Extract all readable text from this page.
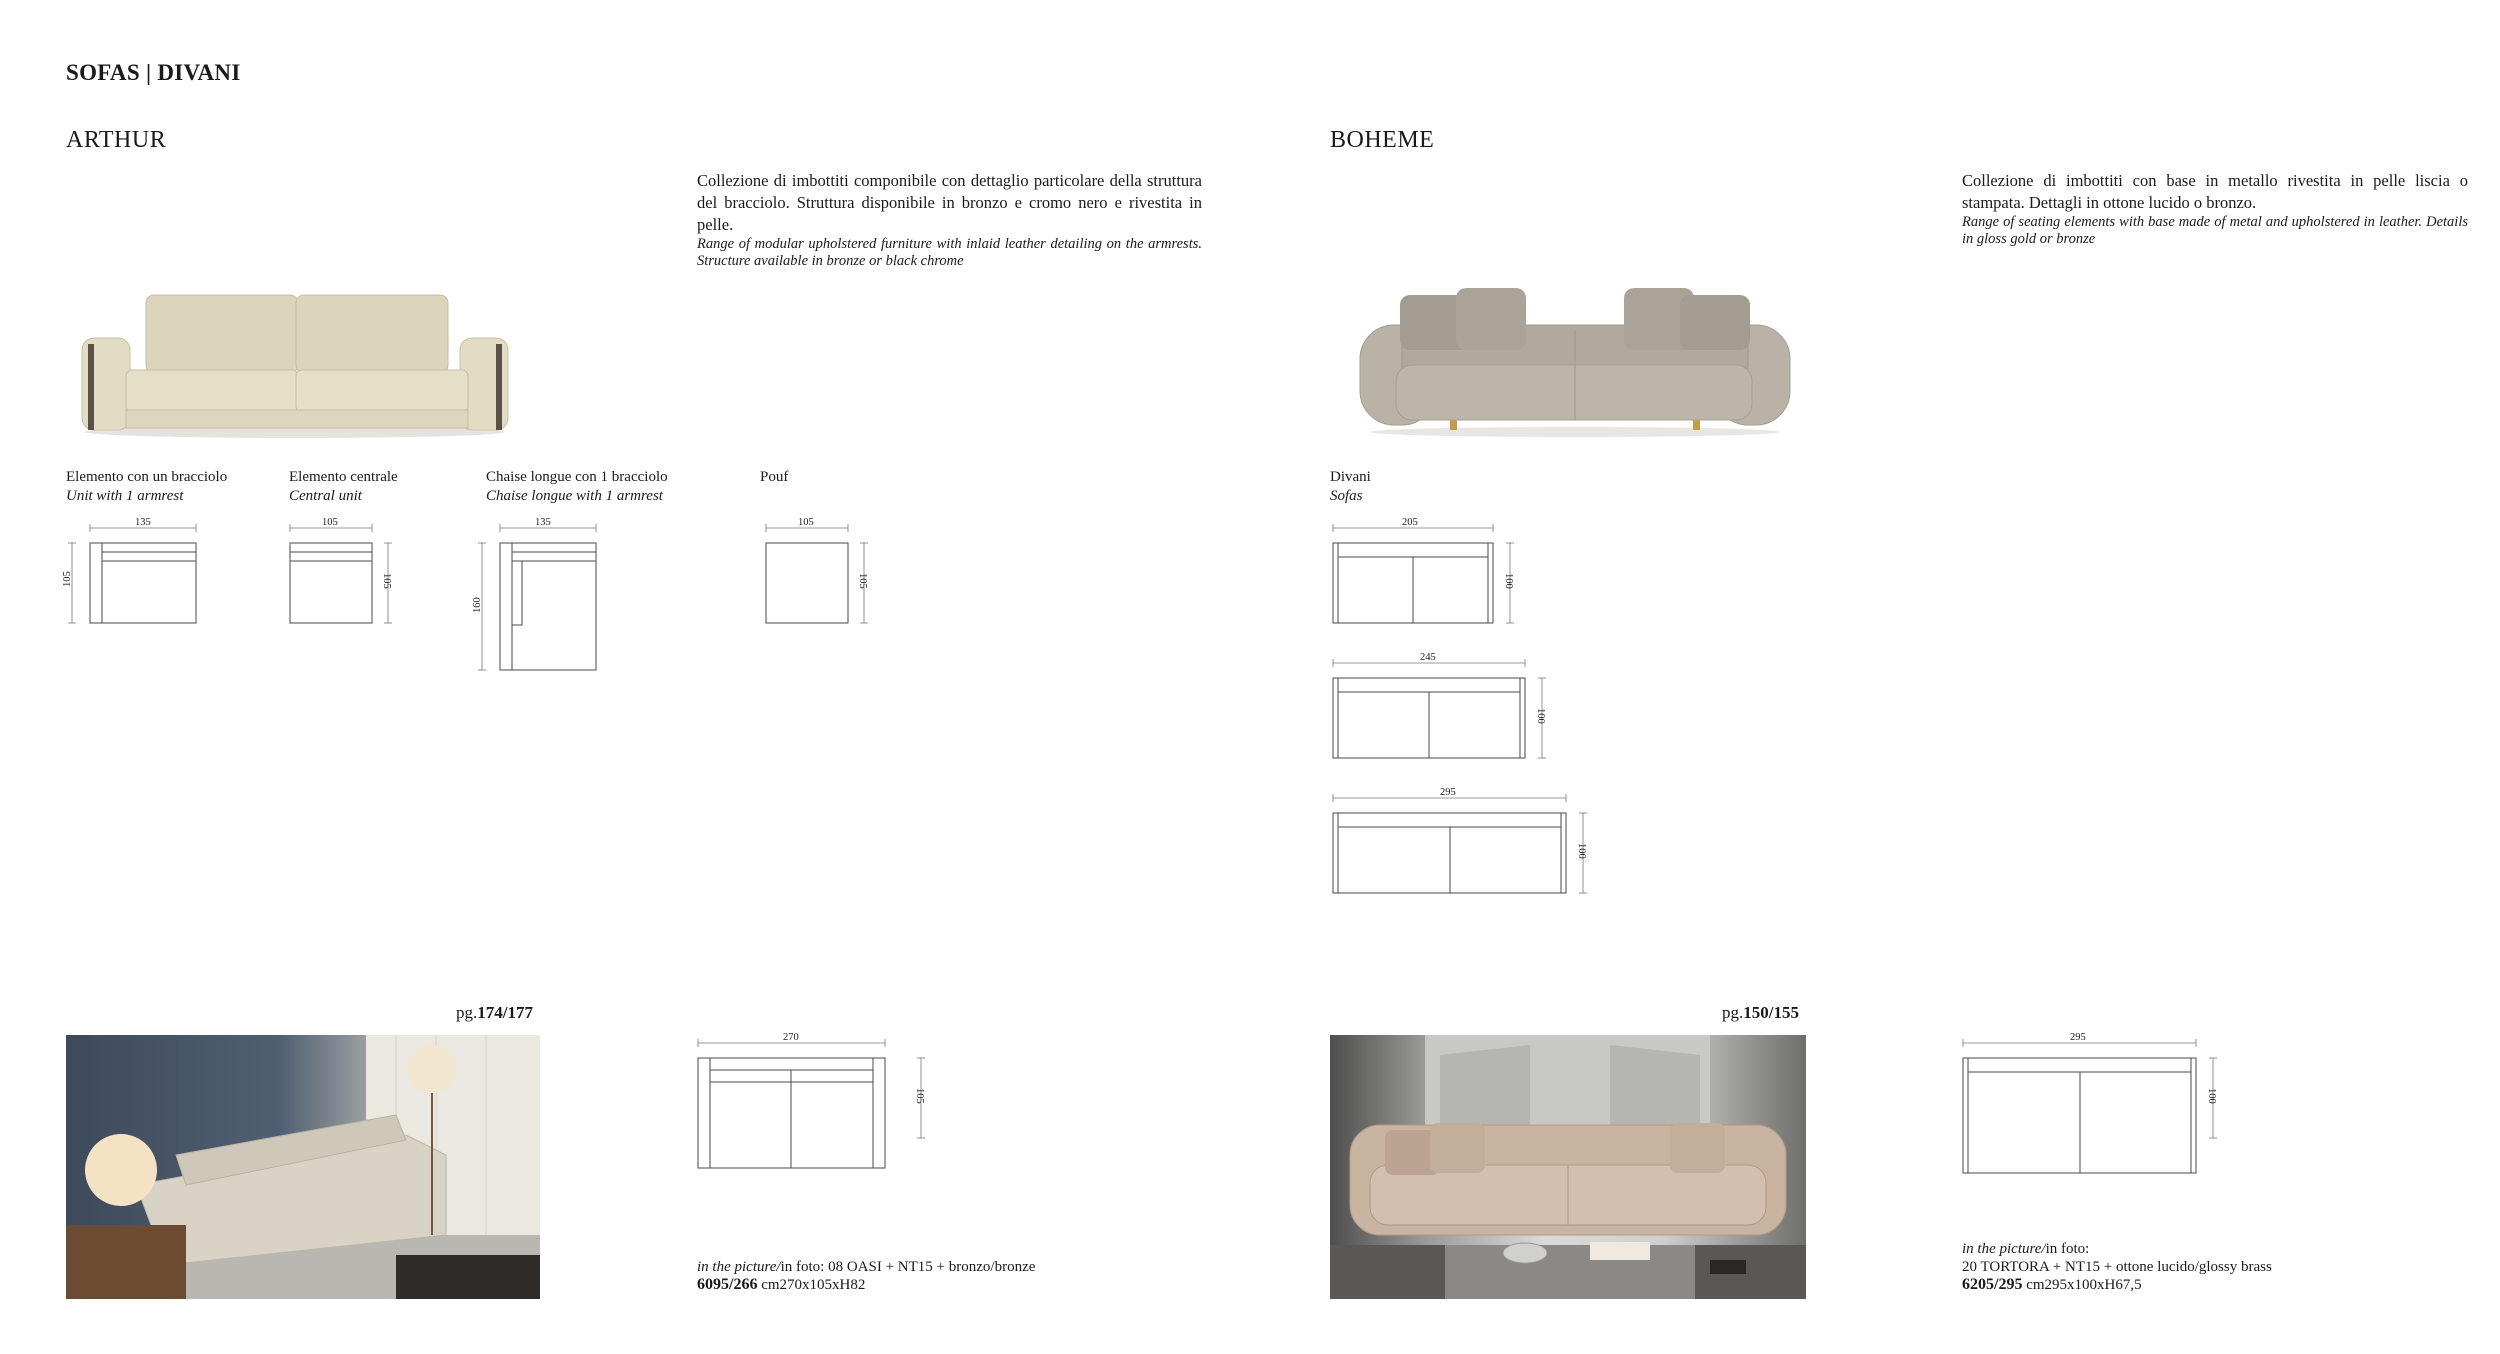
SOFAS | DIVANI
ARTHUR	BOHEME
Collezione di imbottiti componibile con dettaglio particolare della struttura del bracciolo. Struttura disponibile in bronzo e cromo nero e rivestita in pelle.
Range of modular upholstered furniture with inlaid leather detailing on the armrests. Structure available in bronze or black chrome
Collezione di imbottiti con base in metallo rivestita in pelle liscia o stampata. Dettagli in ottone lucido o bronzo.
Range of seating elements with base made of metal and upholstered in leather. Details in gloss gold or bronze
Elemento con un bracciolo
Unit with 1 armrest
Elemento centrale
Central unit
Chaise longue con 1 bracciolo
Chaise longue with 1 armrest
Pouf
135
105
105
105
135
160
105
105
Divani
Sofas
205
100
245
100
295
100
pg.174/177	pg.150/155
270
105
295
100
in the picture/in foto: 08 OASI + NT15 + bronzo/bronze
6095/266 cm270x105xH82
in the picture/in foto:
20 TORTORA + NT15 + ottone lucido/glossy brass
6205/295 cm295x100xH67,5
